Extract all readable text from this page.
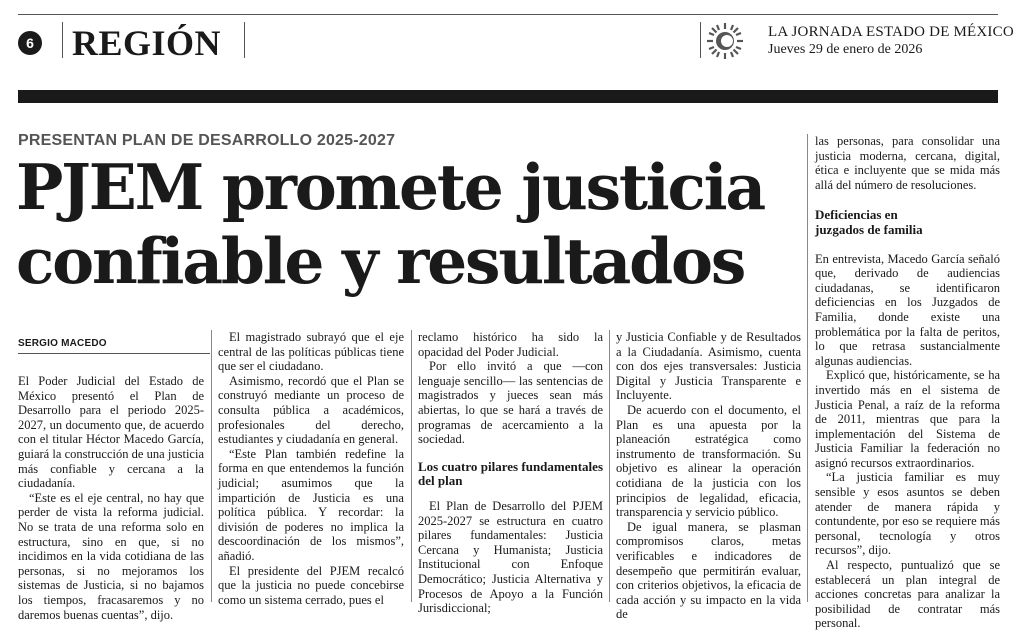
6 REGIÓN	LA JORNADA ESTADO DE MÉXICO
Jueves 29 de enero de 2026
PRESENTAN PLAN DE DESARROLLO 2025-2027
PJEM promete justicia confiable y resultados
SERGIO MACEDO

El Poder Judicial del Estado de México presentó el Plan de Desarrollo para el periodo 2025-2027, un documento que, de acuerdo con el titular Héctor Macedo García, guiará la construcción de una justicia más confiable y cercana a la ciudadanía.

“Este es el eje central, no hay que perder de vista la reforma judicial. No se trata de una reforma solo en estructura, sino en que, si no incidimos en la vida cotidiana de las personas, si no mejoramos los sistemas de Justicia, si no bajamos los tiempos, fracasaremos y no daremos buenas cuentas”, dijo.

El magistrado subrayó que el eje central de las políticas públicas tiene que ser el ciudadano.

Asimismo, recordó que el Plan se construyó mediante un proceso de consulta pública a académicos, profesionales del derecho, estudiantes y ciudadanía en general.

“Este Plan también redefine la forma en que entendemos la función judicial; asumimos que la impartición de Justicia es una política pública. Y recordar: la división de poderes no implica la descoordinación de los mismos”, añadió.

El presidente del PJEM recalcó que la justicia no puede concebirse como un sistema cerrado, pues el

reclamo histórico ha sido la opacidad del Poder Judicial.

Por ello invitó a que —con lenguaje sencillo— las sentencias de magistrados y jueces sean más abiertas, lo que se hará a través de programas de acercamiento a la sociedad.

Los cuatro pilares fundamentales del plan

El Plan de Desarrollo del PJEM 2025-2027 se estructura en cuatro pilares fundamentales: Justicia Cercana y Humanista; Justicia Institucional con Enfoque Democrático; Justicia Alternativa y Procesos de Apoyo a la Función Jurisdiccional;

y Justicia Confiable y de Resultados a la Ciudadanía. Asimismo, cuenta con dos ejes transversales: Justicia Digital y Justicia Transparente e Incluyente.

De acuerdo con el documento, el Plan es una apuesta por la planeación estratégica como instrumento de transformación. Su objetivo es alinear la operación cotidiana de la justicia con los principios de legalidad, eficacia, transparencia y servicio público.

De igual manera, se plasman compromisos claros, metas verificables e indicadores de desempeño que permitirán evaluar, con criterios objetivos, la eficacia de cada acción y su impacto en la vida de

las personas, para consolidar una justicia moderna, cercana, digital, ética e incluyente que se mida más allá del número de resoluciones.

Deficiencias en juzgados de familia

En entrevista, Macedo García señaló que, derivado de audiencias ciudadanas, se identificaron deficiencias en los Juzgados de Familia, donde existe una problemática por la falta de peritos, lo que retrasa sustancialmente algunas audiencias.

Explicó que, históricamente, se ha invertido más en el sistema de Justicia Penal, a raíz de la reforma de 2011, mientras que para la implementación del Sistema de Justicia Familiar la federación no asignó recursos extraordinarios.

“La justicia familiar es muy sensible y esos asuntos se deben atender de manera rápida y contundente, por eso se requiere más personal, tecnología y otros recursos”, dijo.

Al respecto, puntualizó que se establecerá un plan integral de acciones concretas para analizar la posibilidad de contratar más personal.
